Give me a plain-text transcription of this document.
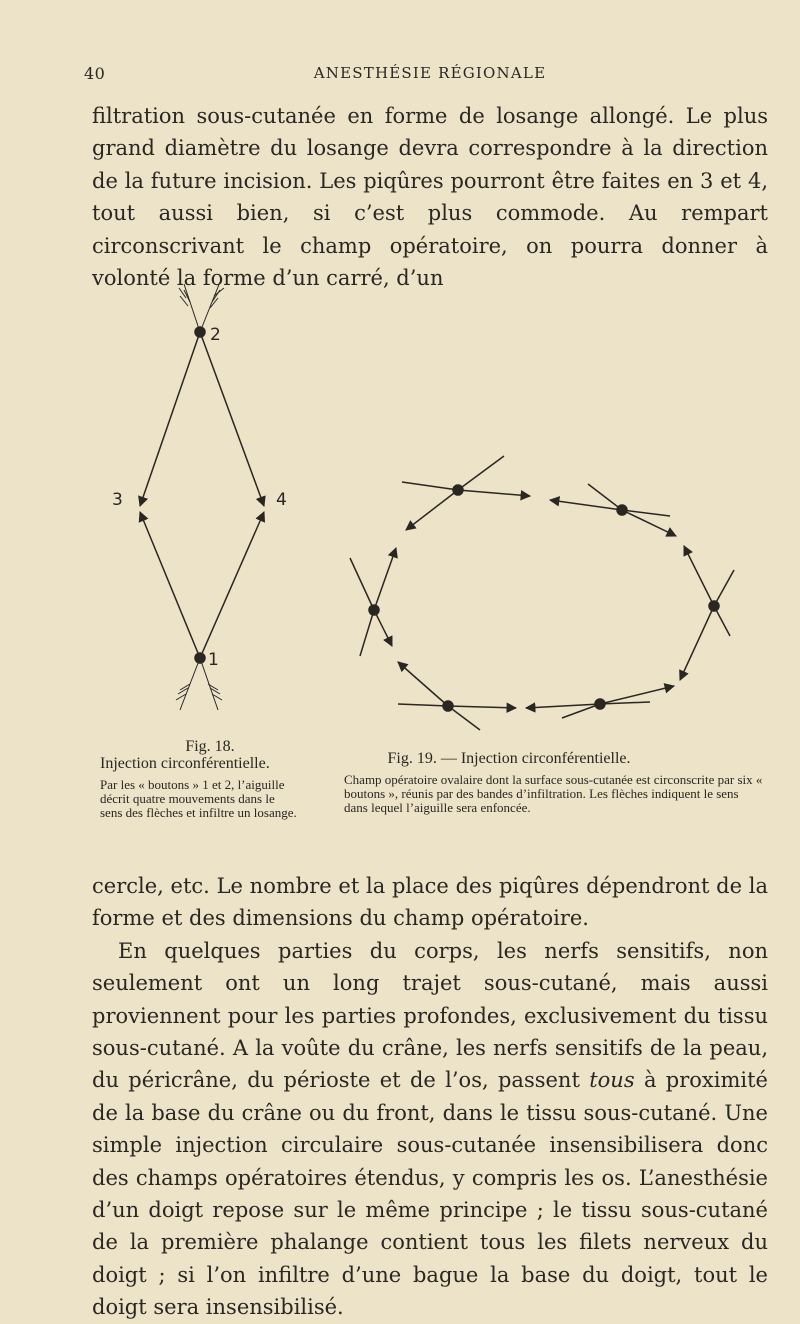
40	ANESTHÉSIE RÉGIONALE

filtration sous-cutanée en forme de losange allongé. Le plus grand diamètre du losange devra correspondre à la direction de la future incision. Les piqûres pourront être faites en 3 et 4, tout aussi bien, si c’est plus commode. Au rempart circonscrivant le champ opératoire, on pourra donner à volonté la forme d’un carré, d’un

2
1
3	4
Fig. 18.
Injection circonférentielle.
Par les « boutons » 1 et 2, l’aiguille décrit quatre mouvements dans le sens des flèches et infiltre un losange.
Fig. 19. — Injection circonférentielle.
Champ opératoire ovalaire dont la surface sous-cutanée est circonscrite par six « boutons », réunis par des bandes d’infiltration. Les flèches indiquent le sens dans lequel l’aiguille sera enfoncée.

cercle, etc. Le nombre et la place des piqûres dépendront de la forme et des dimensions du champ opératoire.

En quelques parties du corps, les nerfs sensitifs, non seulement ont un long trajet sous-cutané, mais aussi proviennent pour les parties profondes, exclusivement du tissu sous-cutané. A la voûte du crâne, les nerfs sensitifs de la peau, du péricrâne, du périoste et de l’os, passent tous à proximité de la base du crâne ou du front, dans le tissu sous-cutané. Une simple injection circulaire sous-cutanée insensibilisera donc des champs opératoires étendus, y compris les os. L’anesthésie d’un doigt repose sur le même principe ; le tissu sous-cutané de la première phalange contient tous les filets nerveux du doigt ; si l’on infiltre d’une bague la base du doigt, tout le doigt sera insensibilisé.
